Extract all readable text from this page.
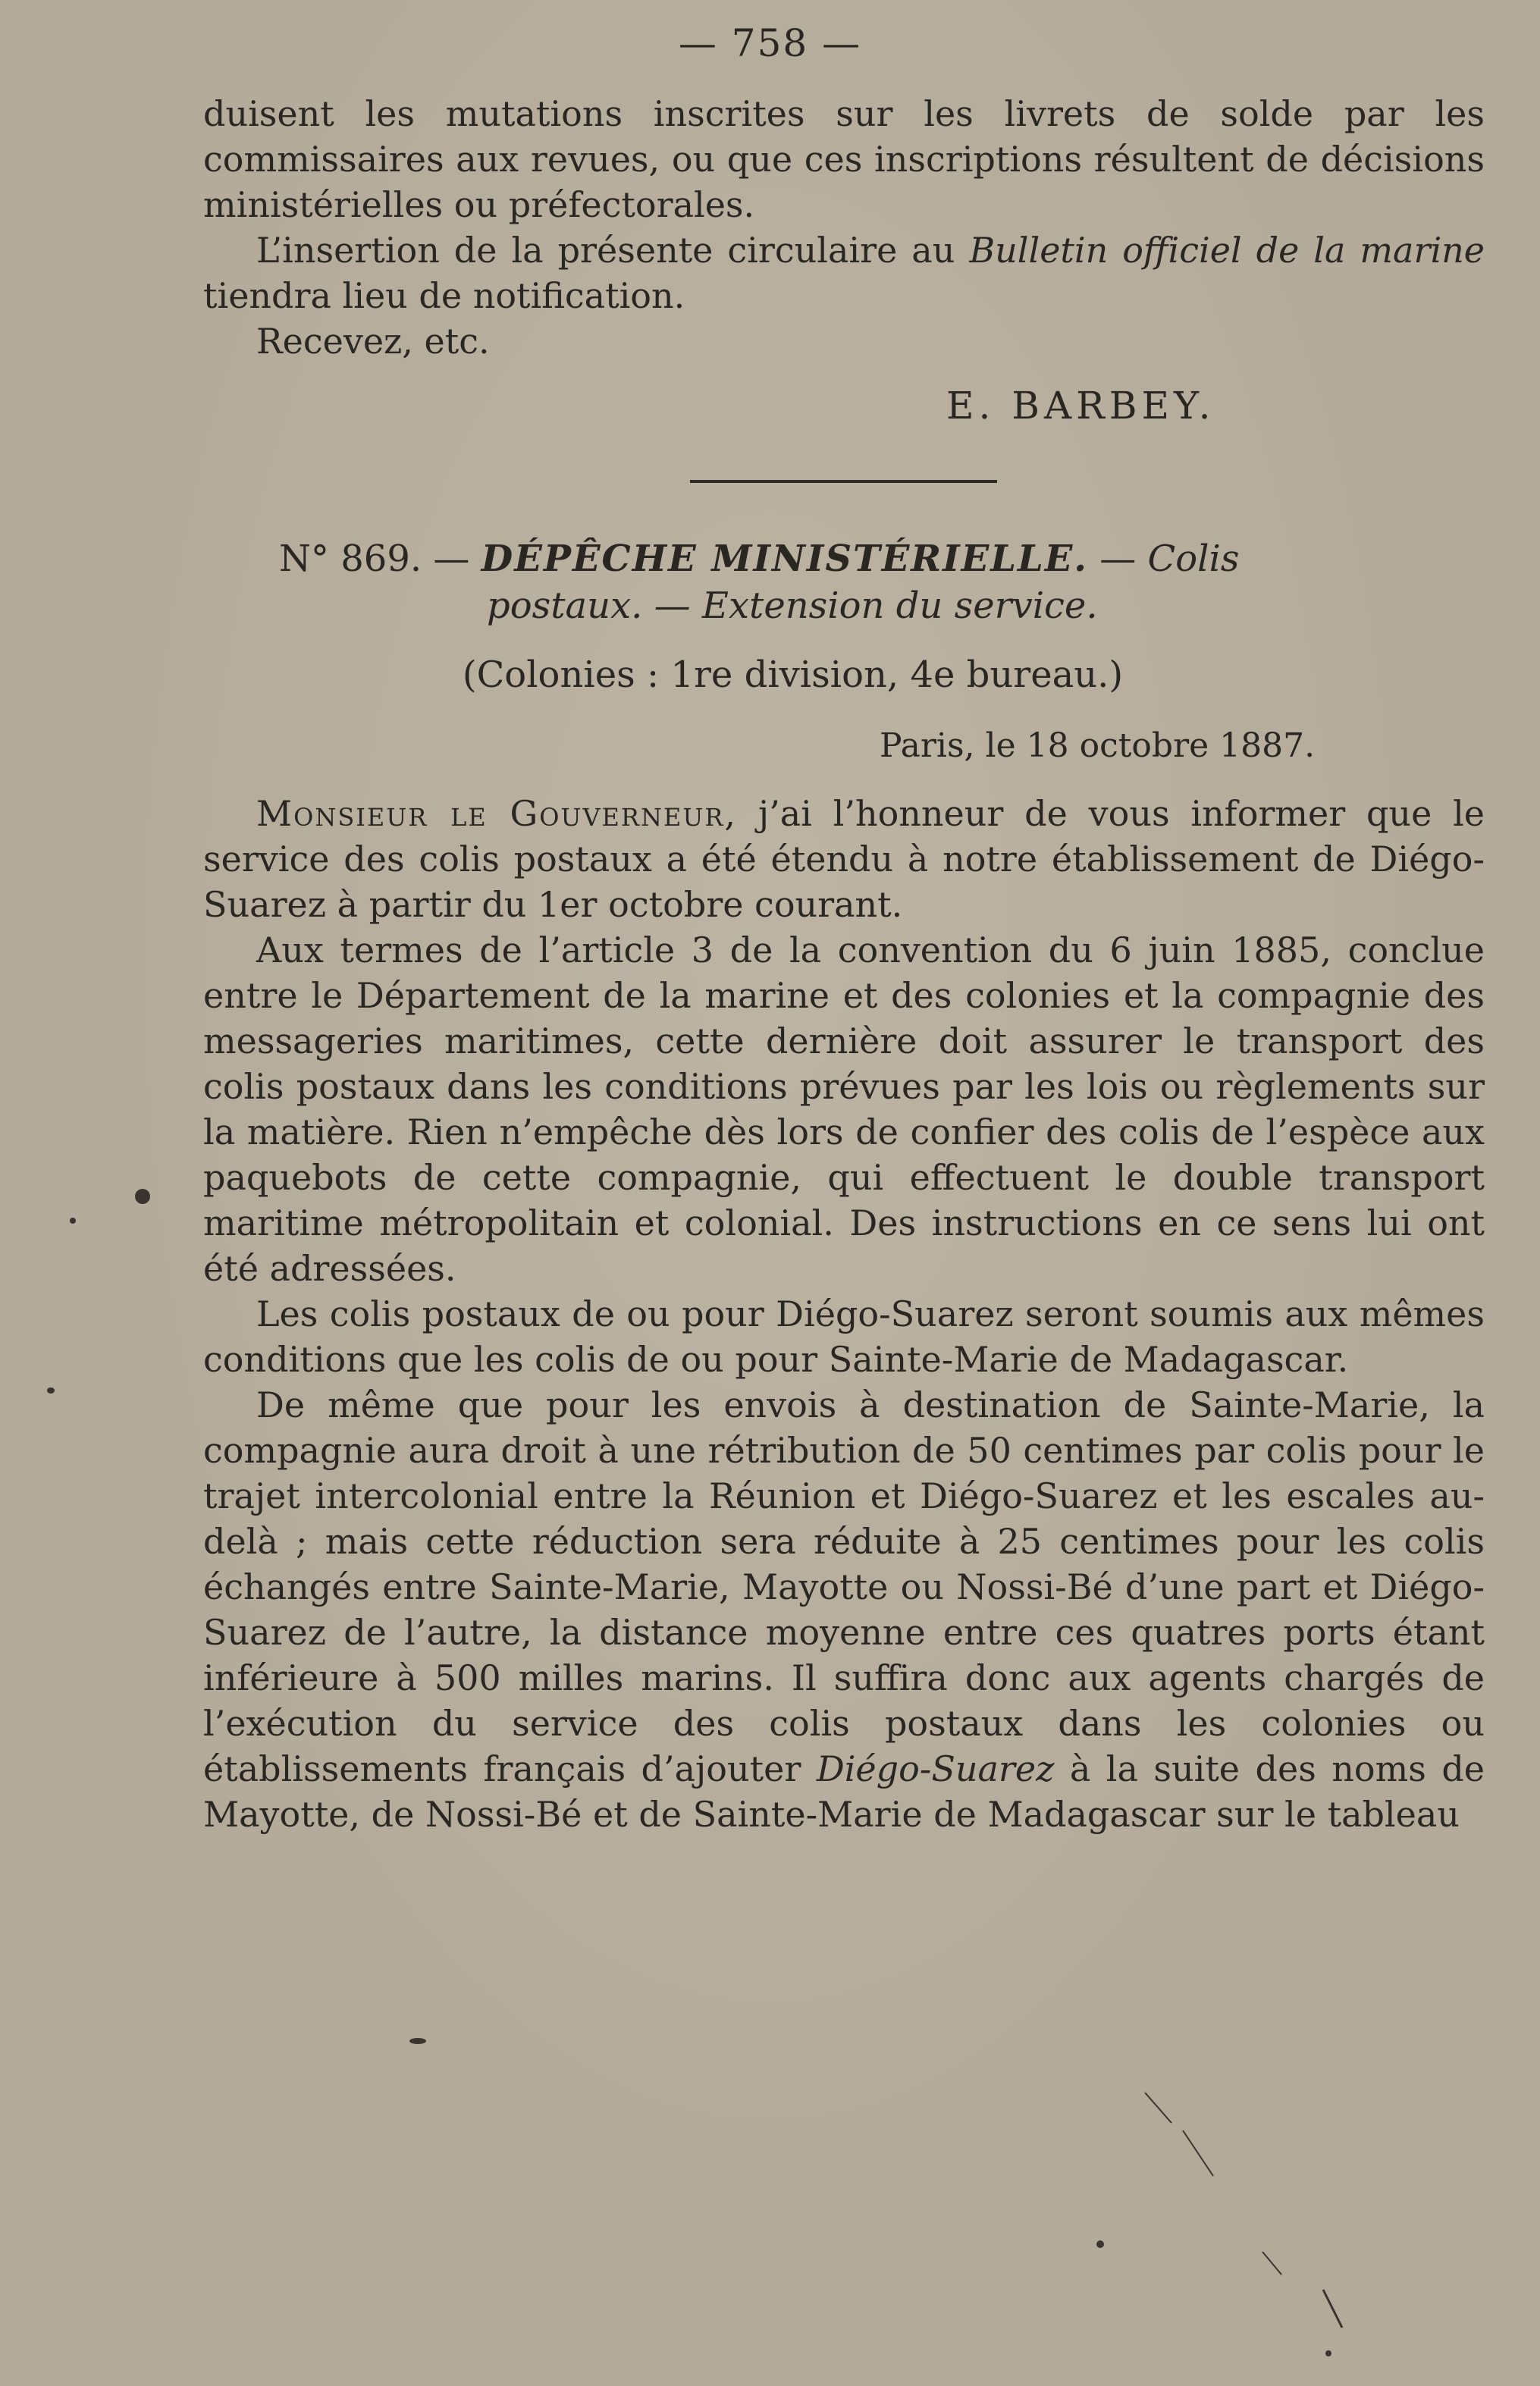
— 758 —

duisent les mutations inscrites sur les livrets de solde par les commissaires aux revues, ou que ces inscriptions résultent de décisions ministérielles ou préfectorales.

L’insertion de la présente circulaire au Bulletin officiel de la marine tiendra lieu de notification.

Recevez, etc.

E. BARBEY.

N° 869. — DÉPÊCHE MINISTÉRIELLE. — Colis

postaux. — Extension du service.

(Colonies : 1re division, 4e bureau.)
Paris, le 18 octobre 1887.

Monsieur le Gouverneur, j’ai l’honneur de vous informer que le service des colis postaux a été étendu à notre établissement de Diégo-Suarez à partir du 1er octobre courant.

Aux termes de l’article 3 de la convention du 6 juin 1885, conclue entre le Département de la marine et des colonies et la compagnie des messageries maritimes, cette dernière doit assurer le transport des colis postaux dans les conditions prévues par les lois ou règlements sur la matière. Rien n’empêche dès lors de confier des colis de l’espèce aux paquebots de cette compagnie, qui effectuent le double transport maritime métropolitain et colonial. Des instructions en ce sens lui ont été adressées.

Les colis postaux de ou pour Diégo-Suarez seront soumis aux mêmes conditions que les colis de ou pour Sainte-Marie de Madagascar.

De même que pour les envois à destination de Sainte-Marie, la compagnie aura droit à une rétribution de 50 centimes par colis pour le trajet intercolonial entre la Réunion et Diégo-Suarez et les escales au-delà ; mais cette réduction sera réduite à 25 centimes pour les colis échangés entre Sainte-Marie, Mayotte ou Nossi-Bé d’une part et Diégo-Suarez de l’autre, la distance moyenne entre ces quatres ports étant inférieure à 500 milles marins. Il suffira donc aux agents chargés de l’exécution du service des colis postaux dans les colonies ou établissements français d’ajouter Diégo-Suarez à la suite des noms de Mayotte, de Nossi-Bé et de Sainte-Marie de Madagascar sur le tableau
